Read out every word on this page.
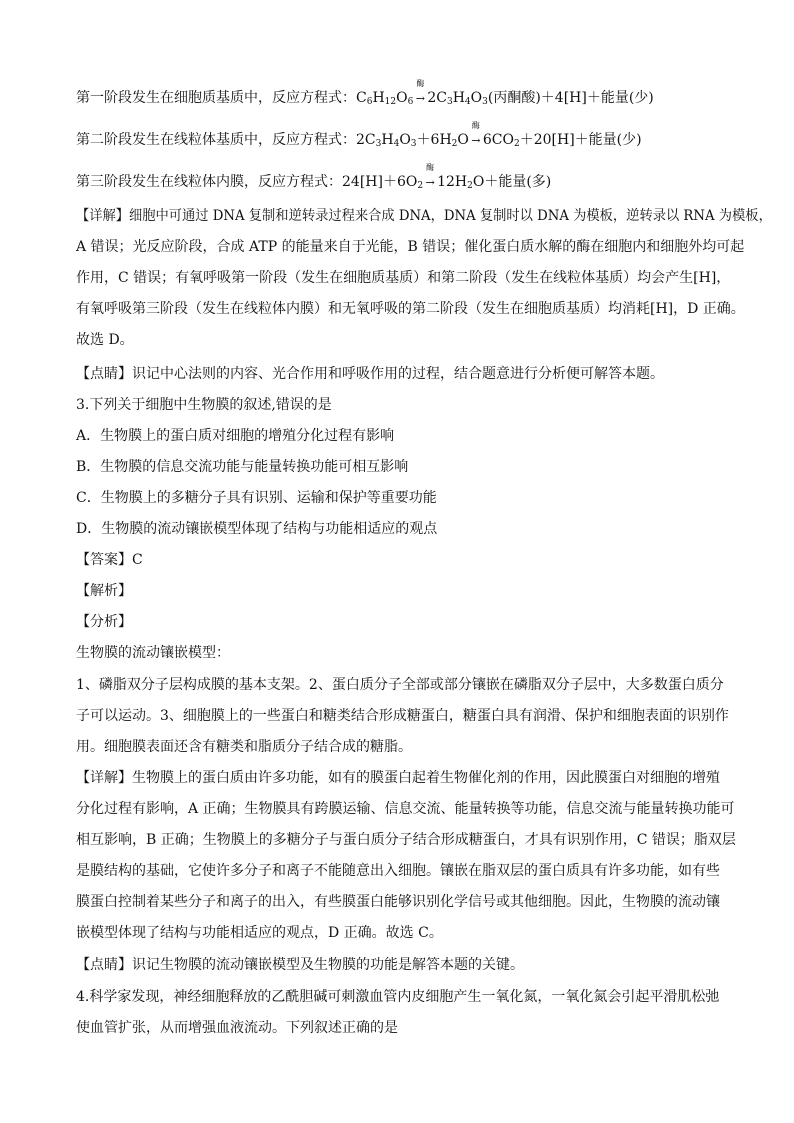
第一阶段发生在细胞质基质中，反应方程式：$C_6H_{12}O_6$
酶
→ $2C_3H_4O_3$(丙酮酸)＋4[H]＋能量(少)
第二阶段发生在线粒体基质中，反应方程式：$2C_3H_4O_3+6H_2O$
酶
→ $6CO_2+20[H]+$能量(少)
第三阶段发生在线粒体内膜，反应方程式：$24[H]+6O_2$
酶
→ $12H_2O+$能量(多)
【详解】细胞中可通过 DNA 复制和逆转录过程来合成 DNA，DNA 复制时以 DNA 为模板，逆转录以 RNA 为模板，
A 错误；光反应阶段，合成 ATP 的能量来自于光能，B 错误；催化蛋白质水解的酶在细胞内和细胞外均可起
作用，C 错误；有氧呼吸第一阶段（发生在细胞质基质）和第二阶段（发生在线粒体基质）均会产生[H]，
有氧呼吸第三阶段（发生在线粒体内膜）和无氧呼吸的第二阶段（发生在细胞质基质）均消耗[H]，D 正确。
故选 D。
【点睛】识记中心法则的内容、光合作用和呼吸作用的过程，结合题意进行分析便可解答本题。
3.下列关于细胞中生物膜的叙述,错误的是
A．生物膜上的蛋白质对细胞的增殖分化过程有影响
B．生物膜的信息交流功能与能量转换功能可相互影响
C．生物膜上的多糖分子具有识别、运输和保护等重要功能
D．生物膜的流动镶嵌模型体现了结构与功能相适应的观点
【答案】C
【解析】
【分析】
生物膜的流动镶嵌模型：
1、磷脂双分子层构成膜的基本支架。2、蛋白质分子全部或部分镶嵌在磷脂双分子层中，大多数蛋白质分
子可以运动。3、细胞膜上的一些蛋白和糖类结合形成糖蛋白，糖蛋白具有润滑、保护和细胞表面的识别作
用。细胞膜表面还含有糖类和脂质分子结合成的糖脂。
【详解】生物膜上的蛋白质由许多功能，如有的膜蛋白起着生物催化剂的作用，因此膜蛋白对细胞的增殖
分化过程有影响，A 正确；生物膜具有跨膜运输、信息交流、能量转换等功能，信息交流与能量转换功能可
相互影响，B 正确；生物膜上的多糖分子与蛋白质分子结合形成糖蛋白，才具有识别作用，C 错误；脂双层
是膜结构的基础，它使许多分子和离子不能随意出入细胞。镶嵌在脂双层的蛋白质具有许多功能，如有些
膜蛋白控制着某些分子和离子的出入，有些膜蛋白能够识别化学信号或其他细胞。因此，生物膜的流动镶
嵌模型体现了结构与功能相适应的观点，D 正确。故选 C。
【点睛】识记生物膜的流动镶嵌模型及生物膜的功能是解答本题的关键。
4.科学家发现，神经细胞释放的乙酰胆碱可刺激血管内皮细胞产生一氧化氮，一氧化氮会引起平滑肌松弛
使血管扩张，从而增强血液流动。下列叙述正确的是
